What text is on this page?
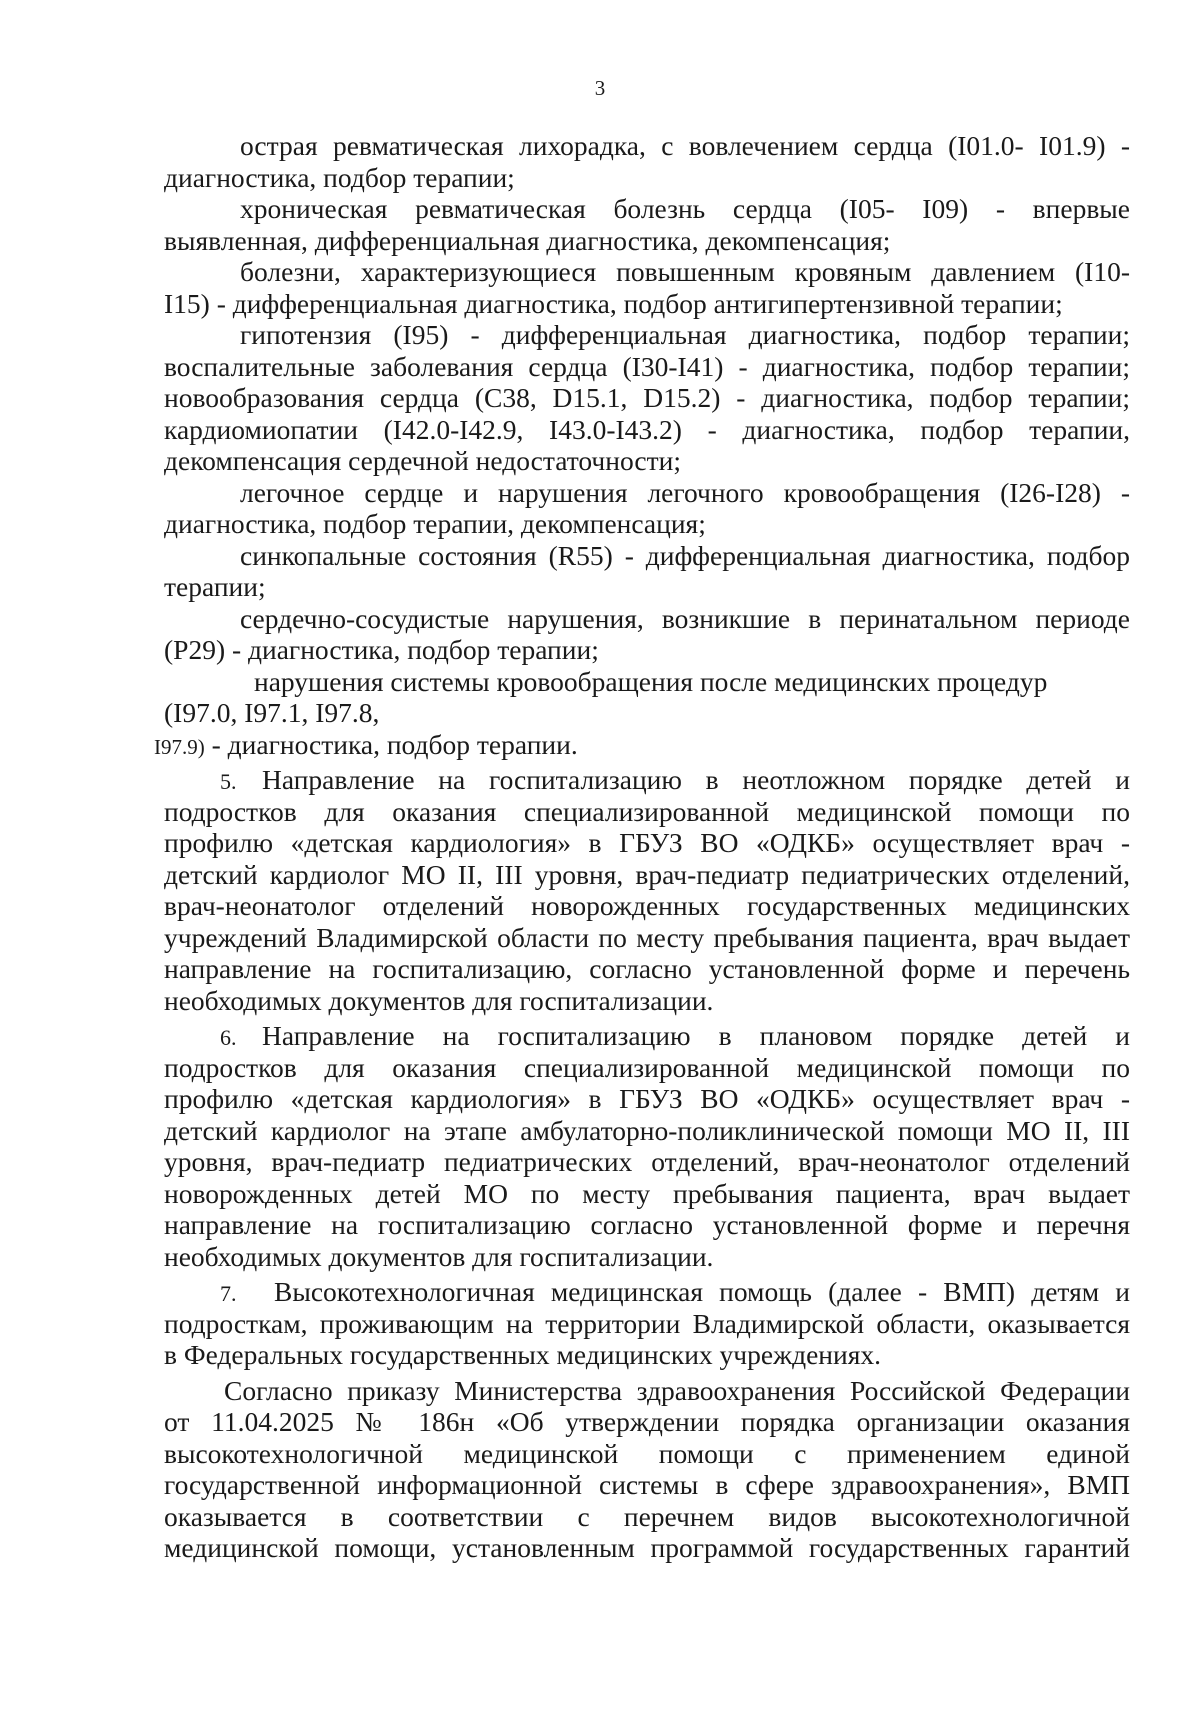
3
острая ревматическая лихорадка, с вовлечением сердца (I01.0- I01.9) -
диагностика, подбор терапии;
хроническая ревматическая болезнь сердца (I05- I09) - впервые
выявленная, дифференциальная диагностика, декомпенсация;
болезни, характеризующиеся повышенным кровяным давлением (I10-
I15) - дифференциальная диагностика, подбор антигипертензивной терапии;
гипотензия (I95) - дифференциальная диагностика, подбор терапии;
воспалительные заболевания сердца (I30-I41) - диагностика, подбор терапии;
новообразования сердца (C38, D15.1, D15.2) - диагностика, подбор терапии;
кардиомиопатии (I42.0-I42.9, I43.0-I43.2) - диагностика, подбор терапии,
декомпенсация сердечной недостаточности;
легочное сердце и нарушения легочного кровообращения (I26-I28) -
диагностика, подбор терапии, декомпенсация;
синкопальные состояния (R55) - дифференциальная диагностика, подбор
терапии;
сердечно-сосудистые нарушения, возникшие в перинатальном периоде
(P29) - диагностика, подбор терапии;
нарушения системы кровообращения после медицинских процедур
(I97.0, I97.1, I97.8,
I97.9) - диагностика, подбор терапии.
5. Направление на госпитализацию в неотложном порядке детей и
подростков для оказания специализированной медицинской помощи по
профилю «детская кардиология» в ГБУЗ ВО «ОДКБ» осуществляет врач -
детский кардиолог МО II, III уровня, врач-педиатр педиатрических отделений,
врач-неонатолог отделений новорожденных государственных медицинских
учреждений Владимирской области по месту пребывания пациента, врач выдает
направление на госпитализацию, согласно установленной форме и перечень
необходимых документов для госпитализации.
6. Направление на госпитализацию в плановом порядке детей и
подростков для оказания специализированной медицинской помощи по
профилю «детская кардиология» в ГБУЗ ВО «ОДКБ» осуществляет врач -
детский кардиолог на этапе амбулаторно-поликлинической помощи МО II, III
уровня, врач-педиатр педиатрических отделений, врач-неонатолог отделений
новорожденных детей МО по месту пребывания пациента, врач выдает
направление на госпитализацию согласно установленной форме и перечня
необходимых документов для госпитализации.
7. Высокотехнологичная медицинская помощь (далее - ВМП) детям и
подросткам, проживающим на территории Владимирской области, оказывается
в Федеральных государственных медицинских учреждениях.
Согласно приказу Министерства здравоохранения Российской Федерации
от 11.04.2025 № 186н «Об утверждении порядка организации оказания
высокотехнологичной медицинской помощи с применением единой
государственной информационной системы в сфере здравоохранения», ВМП
оказывается в соответствии с перечнем видов высокотехнологичной
медицинской помощи, установленным программой государственных гарантий
